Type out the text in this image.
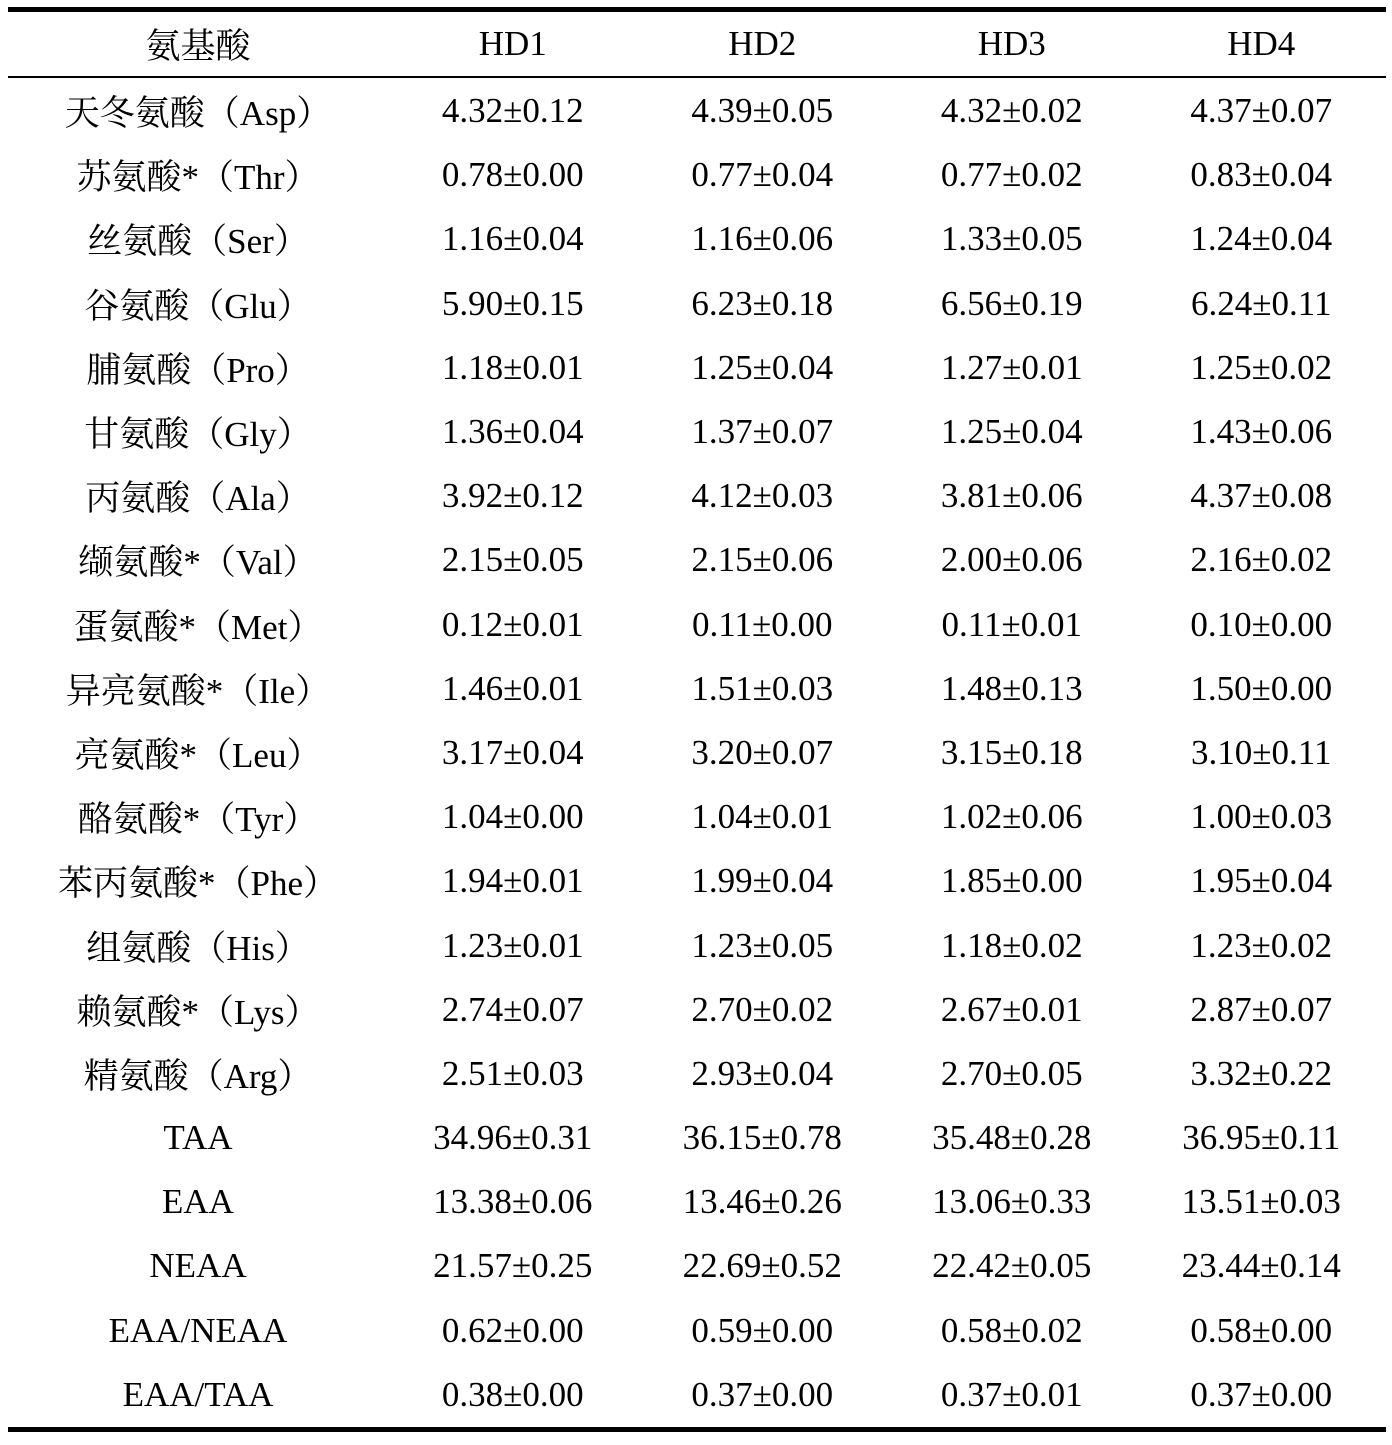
氨基酸	HD1	HD2	HD3	HD4

天冬氨酸（Asp）	4.32±0.12	4.39±0.05	4.32±0.02	4.37±0.07
苏氨酸*（Thr）	0.78±0.00	0.77±0.04	0.77±0.02	0.83±0.04
丝氨酸（Ser）	1.16±0.04	1.16±0.06	1.33±0.05	1.24±0.04
谷氨酸（Glu）	5.90±0.15	6.23±0.18	6.56±0.19	6.24±0.11
脯氨酸（Pro）	1.18±0.01	1.25±0.04	1.27±0.01	1.25±0.02
甘氨酸（Gly）	1.36±0.04	1.37±0.07	1.25±0.04	1.43±0.06
丙氨酸（Ala）	3.92±0.12	4.12±0.03	3.81±0.06	4.37±0.08
缬氨酸*（Val）	2.15±0.05	2.15±0.06	2.00±0.06	2.16±0.02
蛋氨酸*（Met）	0.12±0.01	0.11±0.00	0.11±0.01	0.10±0.00
异亮氨酸*（Ile）	1.46±0.01	1.51±0.03	1.48±0.13	1.50±0.00
亮氨酸*（Leu）	3.17±0.04	3.20±0.07	3.15±0.18	3.10±0.11
酪氨酸*（Tyr）	1.04±0.00	1.04±0.01	1.02±0.06	1.00±0.03
苯丙氨酸*（Phe）	1.94±0.01	1.99±0.04	1.85±0.00	1.95±0.04
组氨酸（His）	1.23±0.01	1.23±0.05	1.18±0.02	1.23±0.02
赖氨酸*（Lys）	2.74±0.07	2.70±0.02	2.67±0.01	2.87±0.07
精氨酸（Arg）	2.51±0.03	2.93±0.04	2.70±0.05	3.32±0.22
TAA	34.96±0.31	36.15±0.78	35.48±0.28	36.95±0.11
EAA	13.38±0.06	13.46±0.26	13.06±0.33	13.51±0.03
NEAA	21.57±0.25	22.69±0.52	22.42±0.05	23.44±0.14
EAA/NEAA	0.62±0.00	0.59±0.00	0.58±0.02	0.58±0.00
EAA/TAA	0.38±0.00	0.37±0.00	0.37±0.01	0.37±0.00
